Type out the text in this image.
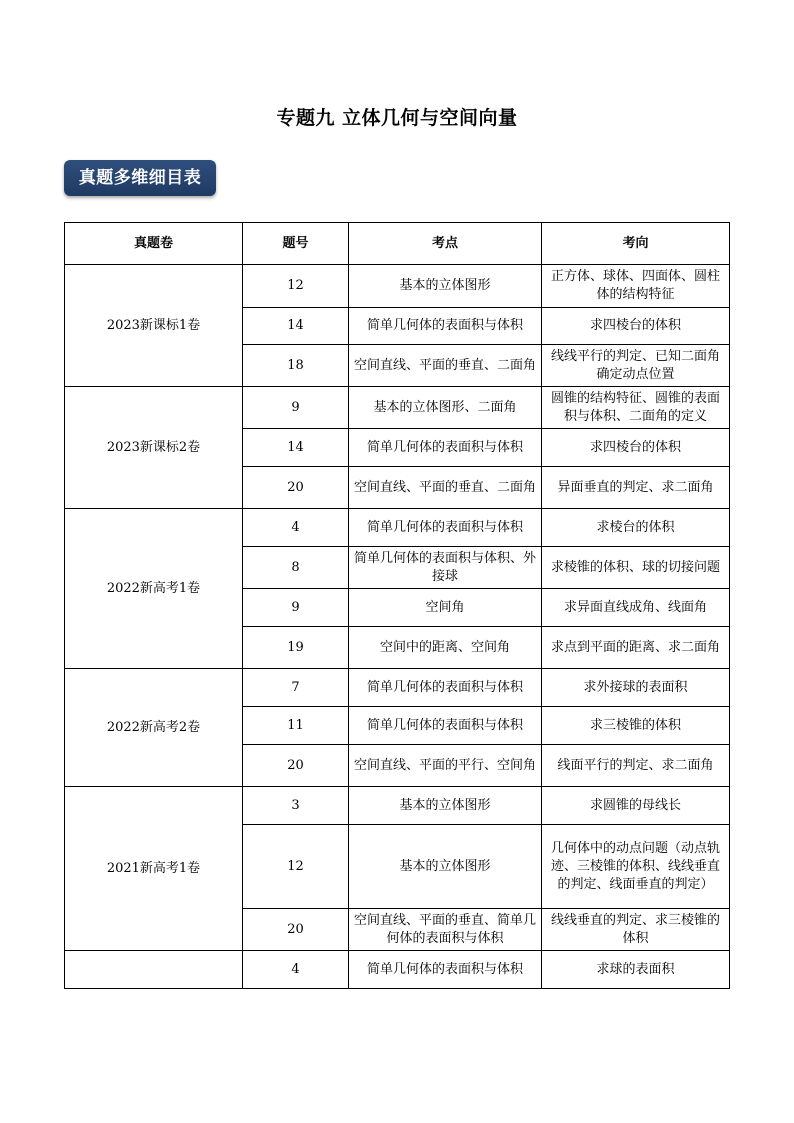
专题九 立体几何与空间向量
真题多维细目表
真题卷	题号	考点	考向
2023新课标1卷	12	基本的立体图形	正方体、球体、四面体、圆柱体的结构特征
	14	简单几何体的表面积与体积	求四棱台的体积
	18	空间直线、平面的垂直、二面角	线线平行的判定、已知二面角确定动点位置
2023新课标2卷	9	基本的立体图形、二面角	圆锥的结构特征、圆锥的表面积与体积、二面角的定义
	14	简单几何体的表面积与体积	求四棱台的体积
	20	空间直线、平面的垂直、二面角	异面垂直的判定、求二面角
2022新高考1卷	4	简单几何体的表面积与体积	求棱台的体积
	8	简单几何体的表面积与体积、外接球	求棱锥的体积、球的切接问题
	9	空间角	求异面直线成角、线面角
	19	空间中的距离、空间角	求点到平面的距离、求二面角
2022新高考2卷	7	简单几何体的表面积与体积	求外接球的表面积
	11	简单几何体的表面积与体积	求三棱锥的体积
	20	空间直线、平面的平行、空间角	线面平行的判定、求二面角
2021新高考1卷	3	基本的立体图形	求圆锥的母线长
	12	基本的立体图形	几何体中的动点问题（动点轨迹、三棱锥的体积、线线垂直的判定、线面垂直的判定）
	20	空间直线、平面的垂直、简单几何体的表面积与体积	线线垂直的判定、求三棱锥的体积
	4	简单几何体的表面积与体积	求球的表面积
